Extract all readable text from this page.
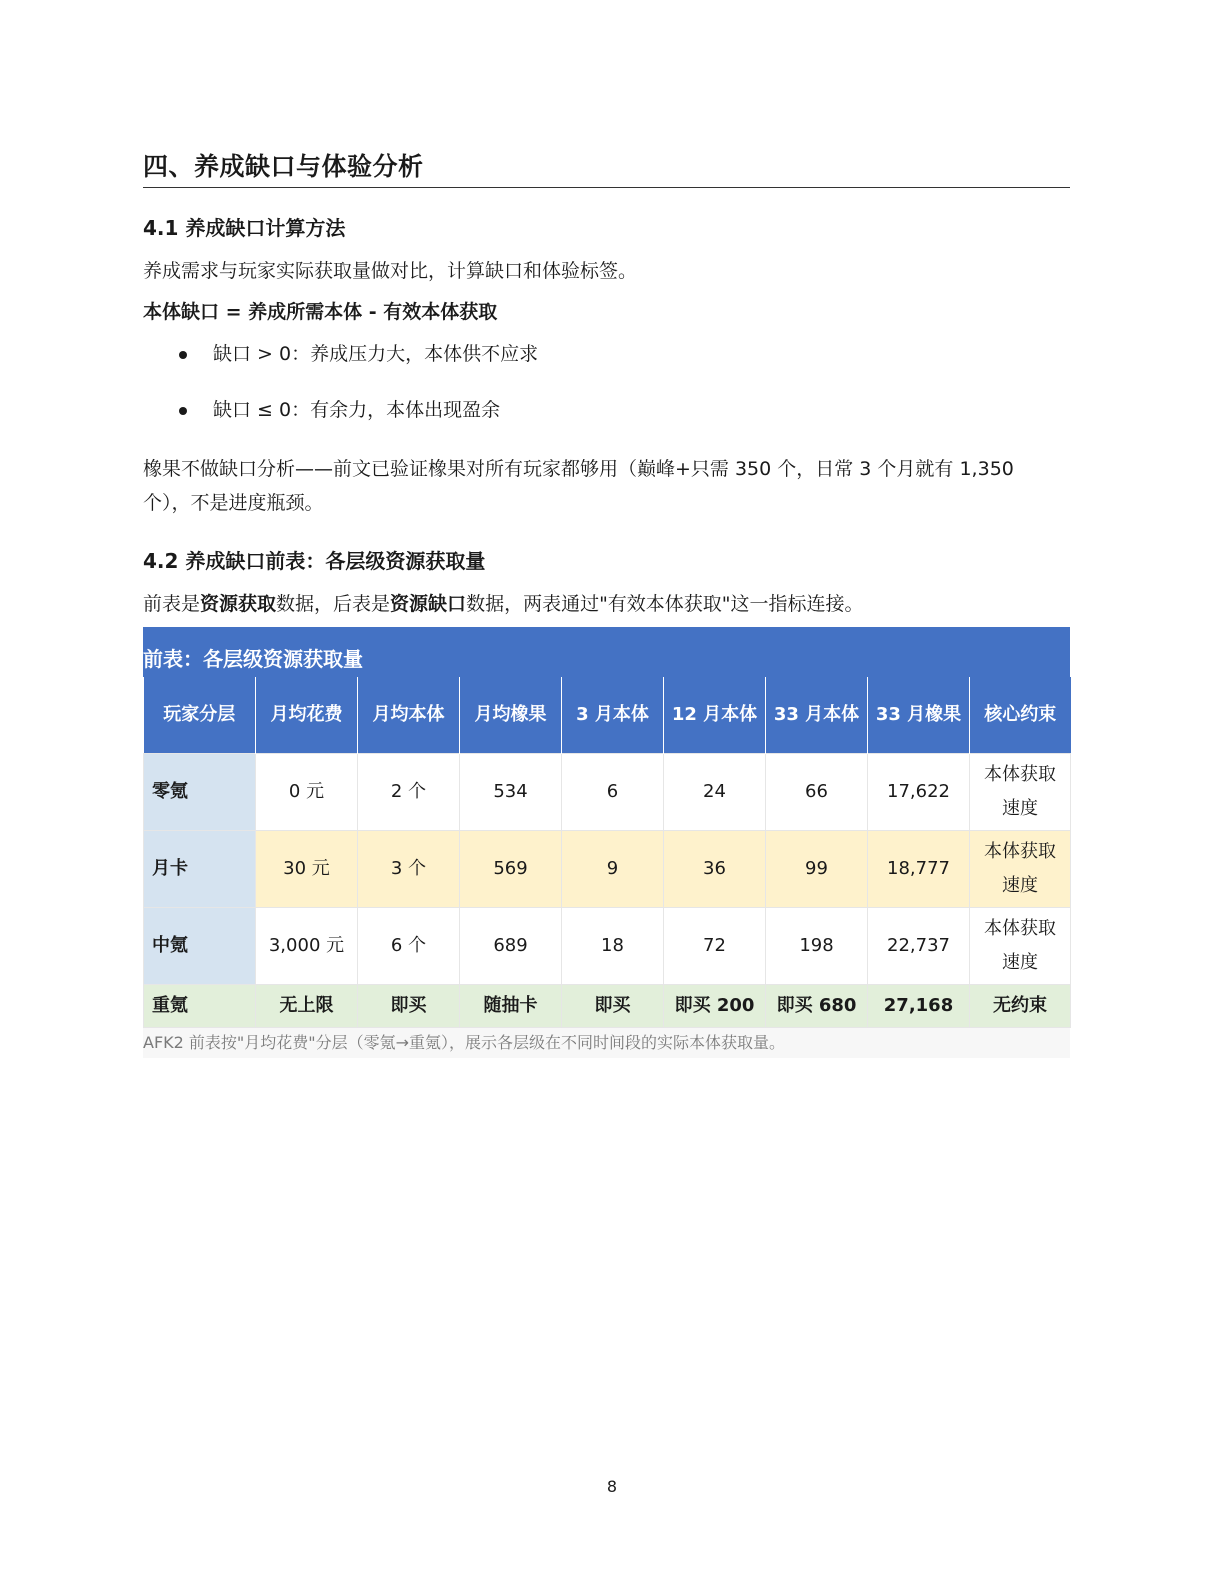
四、养成缺口与体验分析
4.1 养成缺口计算方法
养成需求与玩家实际获取量做对比，计算缺口和体验标签。
本体缺口 = 养成所需本体 - 有效本体获取
缺口 > 0：养成压力大，本体供不应求
缺口 ≤ 0：有余力，本体出现盈余
橡果不做缺口分析——前文已验证橡果对所有玩家都够用（巅峰+只需 350 个，日常 3 个月就有 1,350
个），不是进度瓶颈。
4.2 养成缺口前表：各层级资源获取量
前表是资源获取数据，后表是资源缺口数据，两表通过"有效本体获取"这一指标连接。
前表：各层级资源获取量
玩家分层	月均花费	月均本体	月均橡果	3 月本体	12 月本体	33 月本体	33 月橡果	核心约束
零氪	0 元	2 个	534	6	24	66	17,622	本体获取速度
月卡	30 元	3 个	569	9	36	99	18,777	本体获取速度
中氪	3,000 元	6 个	689	18	72	198	22,737	本体获取速度
重氪	无上限	即买	随抽卡	即买	即买 200	即买 680	27,168	无约束
AFK2 前表按"月均花费"分层（零氪→重氪），展示各层级在不同时间段的实际本体获取量。
8
